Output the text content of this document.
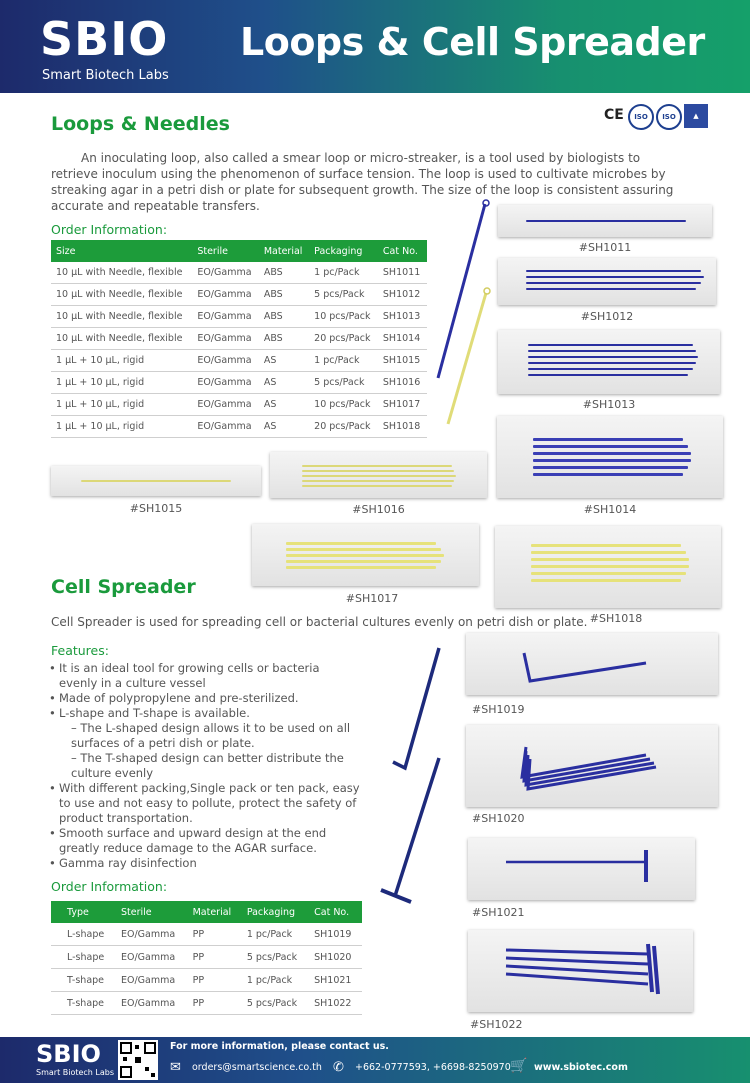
SBIO
Smart Biotech Labs
Loops & Cell Spreader
Loops & Needles	CE	ISO	ISO	▲
An inoculating loop, also called a smear loop or micro-streaker, is a tool used by biologists to retrieve inoculum using the phenomenon of surface tension. The loop is used to cultivate microbes by streaking agar in a petri dish or plate for subsequent growth. The size of the loop is consistent assuring accurate and repeatable transfers.
Order Information:
Size	Sterile	Material	Packaging	Cat No.
10 µL with Needle, flexible	EO/Gamma	ABS	1 pc/Pack	SH1011
10 µL with Needle, flexible	EO/Gamma	ABS	5 pcs/Pack	SH1012
10 µL with Needle, flexible	EO/Gamma	ABS	10 pcs/Pack	SH1013
10 µL with Needle, flexible	EO/Gamma	ABS	20 pcs/Pack	SH1014
1 µL + 10 µL, rigid	EO/Gamma	AS	1 pc/Pack	SH1015
1 µL + 10 µL, rigid	EO/Gamma	AS	5 pcs/Pack	SH1016
1 µL + 10 µL, rigid	EO/Gamma	AS	10 pcs/Pack	SH1017
1 µL + 10 µL, rigid	EO/Gamma	AS	20 pcs/Pack	SH1018
#SH1011
#SH1012
#SH1013
#SH1014
#SH1015	#SH1016
#SH1017
#SH1018
Cell Spreader
Cell Spreader is used for spreading cell or bacterial cultures evenly on petri dish or plate.
Features:
• It is an ideal tool for growing cells or bacteria evenly in a culture vessel
• Made of polypropylene and pre-sterilized.
• L-shape and T-shape is available.
– The L-shaped design allows it to be used on all surfaces of a petri dish or plate.
– The T-shaped design can better distribute the culture evenly
• With different packing,Single pack or ten pack, easy to use and not easy to pollute, protect the safety of product transportation.
• Smooth surface and upward design at the end greatly reduce damage to the AGAR surface.
• Gamma ray disinfection
Order Information:
Type	Sterile	Material	Packaging	Cat No.
L-shape	EO/Gamma	PP	1 pc/Pack	SH1019
L-shape	EO/Gamma	PP	5 pcs/Pack	SH1020
T-shape	EO/Gamma	PP	1 pc/Pack	SH1021
T-shape	EO/Gamma	PP	5 pcs/Pack	SH1022
#SH1019
#SH1020
#SH1021
#SH1022
SBIO
Smart Biotech Labs
For more information, please contact us.
✉ orders@smartscience.co.th ✆ +662-0777593, +6698-8250970 🛒 www.sbiotec.com
